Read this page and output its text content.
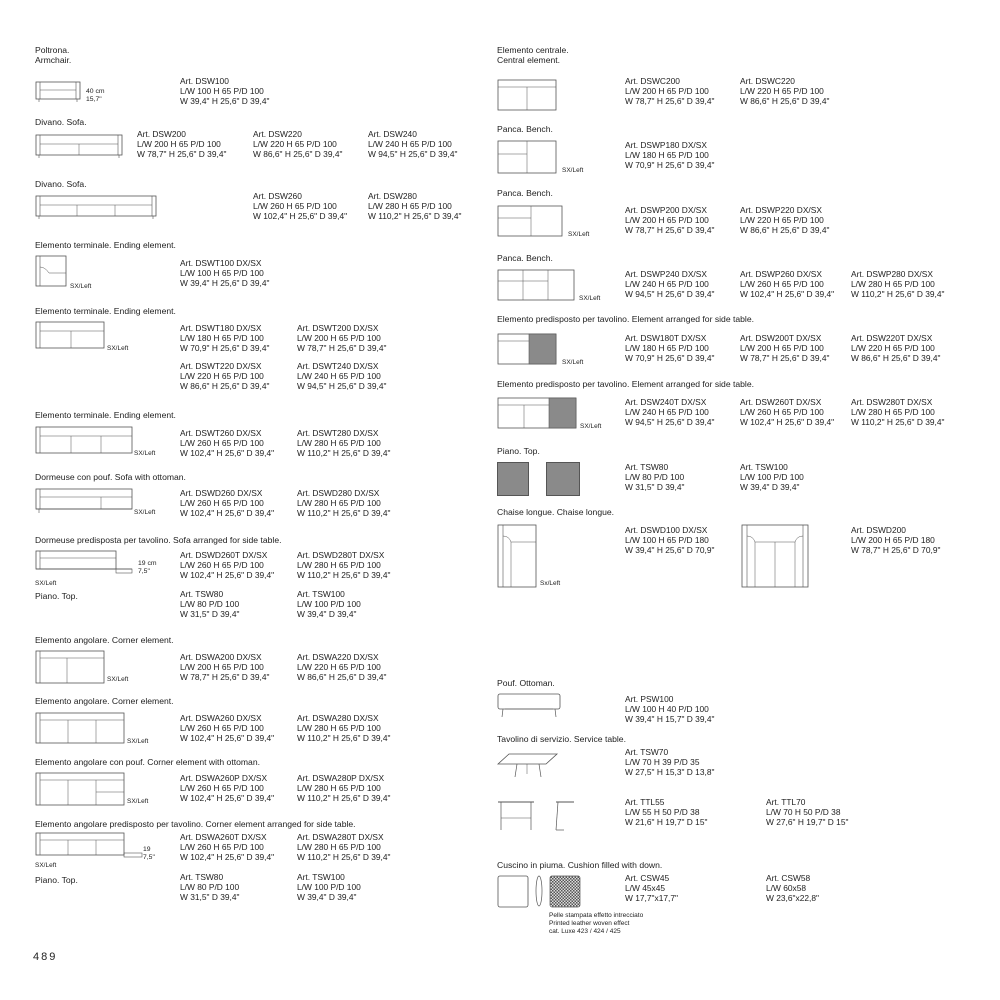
Poltrona.
Armchair.
40 cm
15,7"
Art. DSW100
L/W 100 H 65 P/D 100
W 39,4" H 25,6" D 39,4"
Divano. Sofa.
Art. DSW200
L/W 200 H 65 P/D 100
W 78,7" H 25,6" D 39,4"
Art. DSW220
L/W 220 H 65 P/D 100
W 86,6" H 25,6" D 39,4"
Art. DSW240
L/W 240 H 65 P/D 100
W 94,5" H 25,6" D 39,4"
Divano. Sofa.
Art. DSW260
L/W 260 H 65 P/D 100
W 102,4" H 25,6" D 39,4"
Art. DSW280
L/W 280 H 65 P/D 100
W 110,2" H 25,6" D 39,4"
Elemento terminale. Ending element.
SX/Left
Art. DSWT100 DX/SX
L/W 100 H 65 P/D 100
W 39,4" H 25,6" D 39,4"
Elemento terminale. Ending element.
SX/Left
Art. DSWT180 DX/SX
L/W 180 H 65 P/D 100
W 70,9" H 25,6" D 39,4"
Art. DSWT200 DX/SX
L/W 200 H 65 P/D 100
W 78,7" H 25,6" D 39,4"
Art. DSWT220 DX/SX
L/W 220 H 65 P/D 100
W 86,6" H 25,6" D 39,4"
Art. DSWT240 DX/SX
L/W 240 H 65 P/D 100
W 94,5" H 25,6" D 39,4"
Elemento terminale. Ending element.
SX/Left
Art. DSWT260 DX/SX
L/W 260 H 65 P/D 100
W 102,4" H 25,6" D 39,4"
Art. DSWT280 DX/SX
L/W 280 H 65 P/D 100
W 110,2" H 25,6" D 39,4"
Dormeuse con pouf. Sofa with ottoman.
SX/Left
Art. DSWD260 DX/SX
L/W 260 H 65 P/D 100
W 102,4" H 25,6" D 39,4"
Art. DSWD280 DX/SX
L/W 280 H 65 P/D 100
W 110,2" H 25,6" D 39,4"
Dormeuse predisposta per tavolino. Sofa arranged for side table.
19 cm
7,5"
SX/Left
Piano. Top.
Art. DSWD260T DX/SX
L/W 260 H 65 P/D 100
W 102,4" H 25,6" D 39,4"
Art. DSWD280T DX/SX
L/W 280 H 65 P/D 100
W 110,2" H 25,6" D 39,4"
Art. TSW80
L/W 80 P/D 100
W 31,5" D 39,4"
Art. TSW100
L/W 100 P/D 100
W 39,4" D 39,4"
Elemento angolare. Corner element.
SX/Left
Art. DSWA200 DX/SX
L/W 200 H 65 P/D 100
W 78,7" H 25,6" D 39,4"
Art. DSWA220 DX/SX
L/W 220 H 65 P/D 100
W 86,6" H 25,6" D 39,4"
Elemento angolare. Corner element.
SX/Left
Art. DSWA260 DX/SX
L/W 260 H 65 P/D 100
W 102,4" H 25,6" D 39,4"
Art. DSWA280 DX/SX
L/W 280 H 65 P/D 100
W 110,2" H 25,6" D 39,4"
Elemento angolare con pouf. Corner element with ottoman.
SX/Left
Art. DSWA260P DX/SX
L/W 260 H 65 P/D 100
W 102,4" H 25,6" D 39,4"
Art. DSWA280P DX/SX
L/W 280 H 65 P/D 100
W 110,2" H 25,6" D 39,4"
Elemento angolare predisposto per tavolino. Corner element arranged for side table.
19
7,5"
SX/Left
Piano. Top.
Art. DSWA260T DX/SX
L/W 260 H 65 P/D 100
W 102,4" H 25,6" D 39,4"
Art. DSWA280T DX/SX
L/W 280 H 65 P/D 100
W 110,2" H 25,6" D 39,4"
Art. TSW80
L/W 80 P/D 100
W 31,5" D 39,4"
Art. TSW100
L/W 100 P/D 100
W 39,4" D 39,4"
489
Elemento centrale.
Central element.
Art. DSWC200
L/W 200 H 65 P/D 100
W 78,7" H 25,6" D 39,4"
Art. DSWC220
L/W 220 H 65 P/D 100
W 86,6" H 25,6" D 39,4"
Panca. Bench.
SX/Left
Art. DSWP180 DX/SX
L/W 180 H 65 P/D 100
W 70,9" H 25,6" D 39,4"
Panca. Bench.
SX/Left
Art. DSWP200 DX/SX
L/W 200 H 65 P/D 100
W 78,7" H 25,6" D 39,4"
Art. DSWP220 DX/SX
L/W 220 H 65 P/D 100
W 86,6" H 25,6" D 39,4"
Panca. Bench.
SX/Left
Art. DSWP240 DX/SX
L/W 240 H 65 P/D 100
W 94,5" H 25,6" D 39,4"
Art. DSWP260 DX/SX
L/W 260 H 65 P/D 100
W 102,4" H 25,6" D 39,4"
Art. DSWP280 DX/SX
L/W 280 H 65 P/D 100
W 110,2" H 25,6" D 39,4"
Elemento predisposto per tavolino. Element arranged for side table.
SX/Left
Art. DSW180T DX/SX
L/W 180 H 65 P/D 100
W 70,9" H 25,6" D 39,4"
Art. DSW200T DX/SX
L/W 200 H 65 P/D 100
W 78,7" H 25,6" D 39,4"
Art. DSW220T DX/SX
L/W 220 H 65 P/D 100
W 86,6" H 25,6" D 39,4"
Elemento predisposto per tavolino. Element arranged for side table.
SX/Left
Art. DSW240T DX/SX
L/W 240 H 65 P/D 100
W 94,5" H 25,6" D 39,4"
Art. DSW260T DX/SX
L/W 260 H 65 P/D 100
W 102,4" H 25,6" D 39,4"
Art. DSW280T DX/SX
L/W 280 H 65 P/D 100
W 110,2" H 25,6" D 39,4"
Piano. Top.
Art. TSW80
L/W 80 P/D 100
W 31,5" D 39,4"
Art. TSW100
L/W 100 P/D 100
W 39,4" D 39,4"
Chaise longue. Chaise longue.
Sx/Left
Art. DSWD100 DX/SX
L/W 100 H 65 P/D 180
W 39,4" H 25,6" D 70,9"
Art. DSWD200
L/W 200 H 65 P/D 180
W 78,7" H 25,6" D 70,9"
Pouf. Ottoman.
Art. PSW100
L/W 100 H 40 P/D 100
W 39,4" H 15,7" D 39,4"
Tavolino di servizio. Service table.
Art. TSW70
L/W 70 H 39 P/D 35
W 27,5" H 15,3" D 13,8"
Art. TTL55
L/W 55 H 50 P/D 38
W 21,6" H 19,7" D 15"
Art. TTL70
L/W 70 H 50 P/D 38
W 27,6" H 19,7" D 15"
Cuscino in piuma. Cushion filled with down.
Art. CSW45
L/W 45x45
W 17,7"x17,7"
Art. CSW58
L/W 60x58
W 23,6"x22,8"
Pelle stampata effetto intrecciato
Printed leather woven effect
cat. Luxe 423 / 424 / 425
